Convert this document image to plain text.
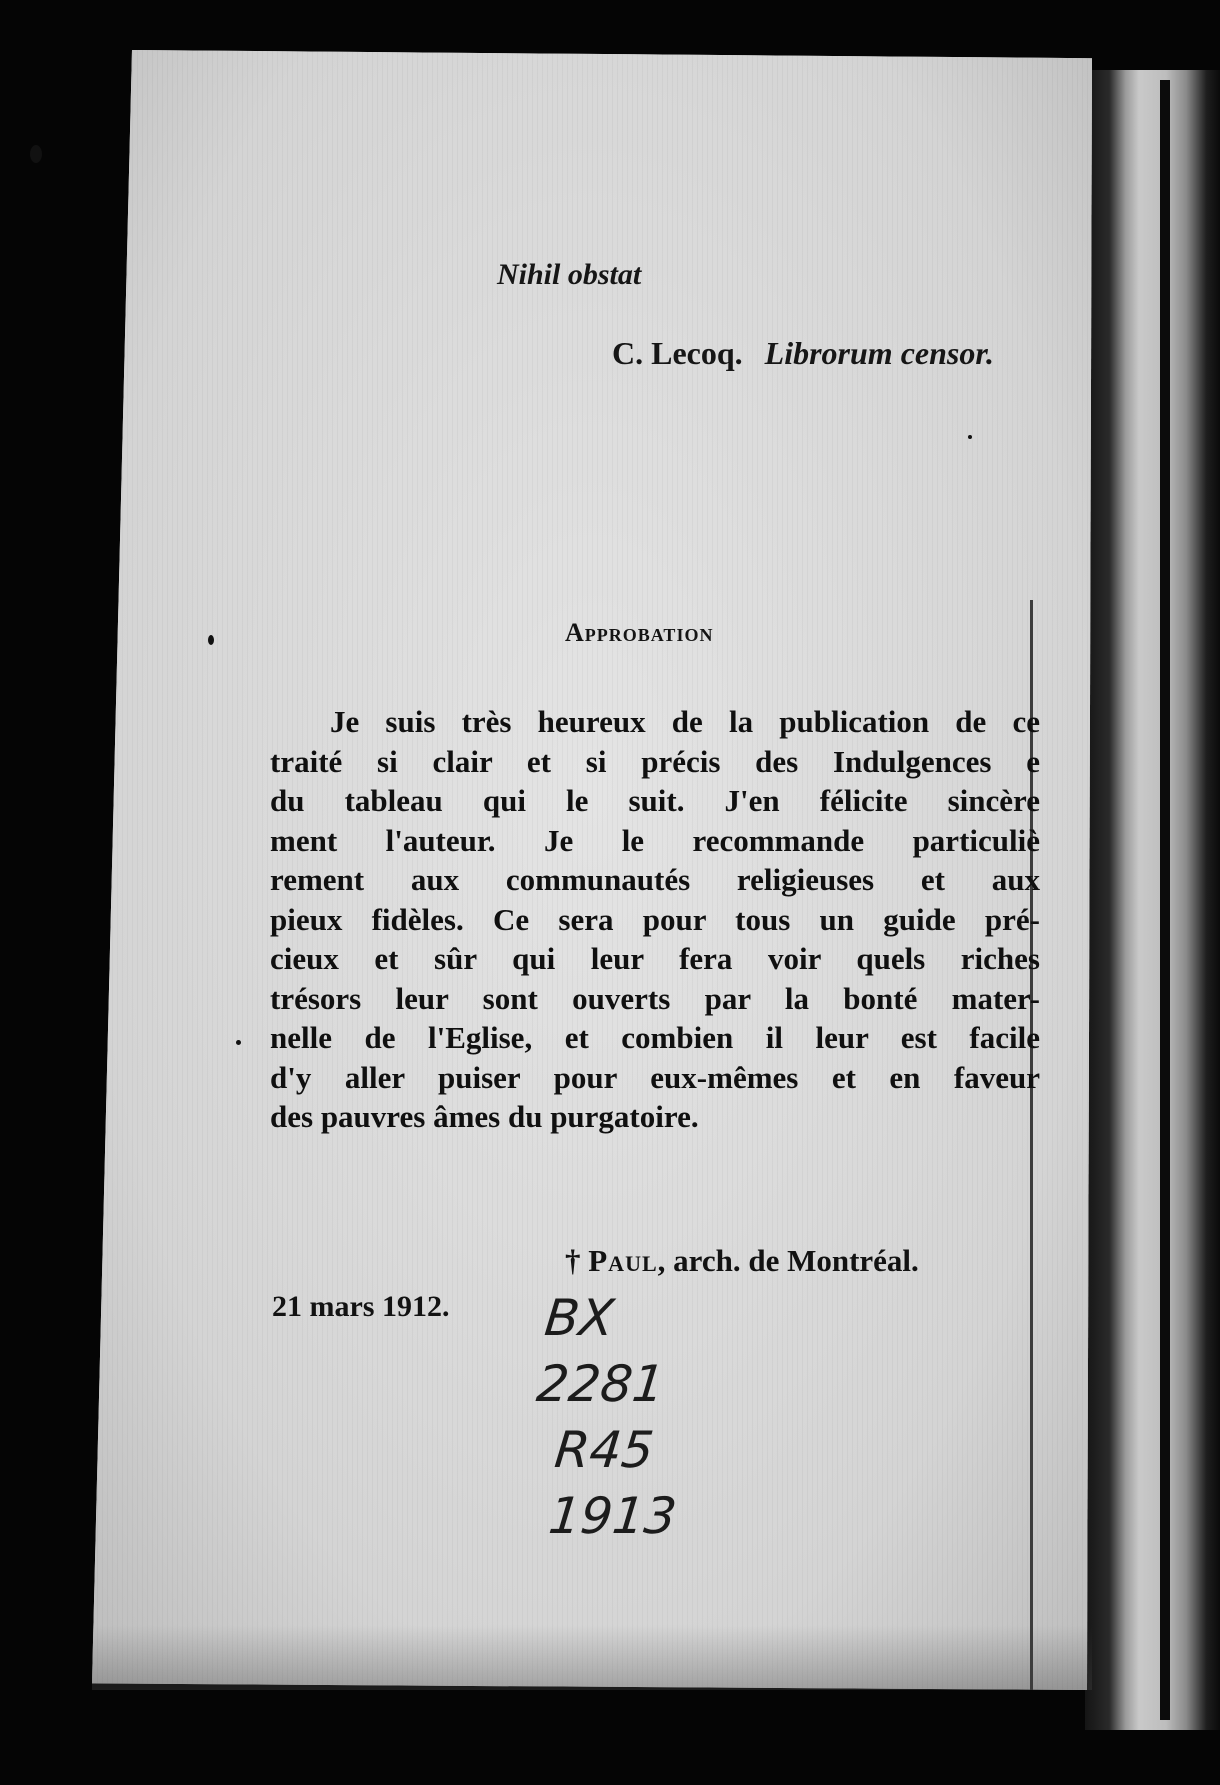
Nihil obstat
C. Lecoq. Librorum censor.
Approbation

Je suis très heureux de la publication de ce
traité si clair et si précis des Indulgences e
du tableau qui le suit. J'en félicite sincère
ment l'auteur. Je le recommande particuliè
rement aux communautés religieuses et aux
pieux fidèles. Ce sera pour tous un guide pré-
cieux et sûr qui leur fera voir quels riches
trésors leur sont ouverts par la bonté mater-
nelle de l'Eglise, et combien il leur est facile
d'y aller puiser pour eux-mêmes et en faveur
des pauvres âmes du purgatoire.

† Paul, arch. de Montréal.
21 mars 1912. BX
2281
R45
1913
